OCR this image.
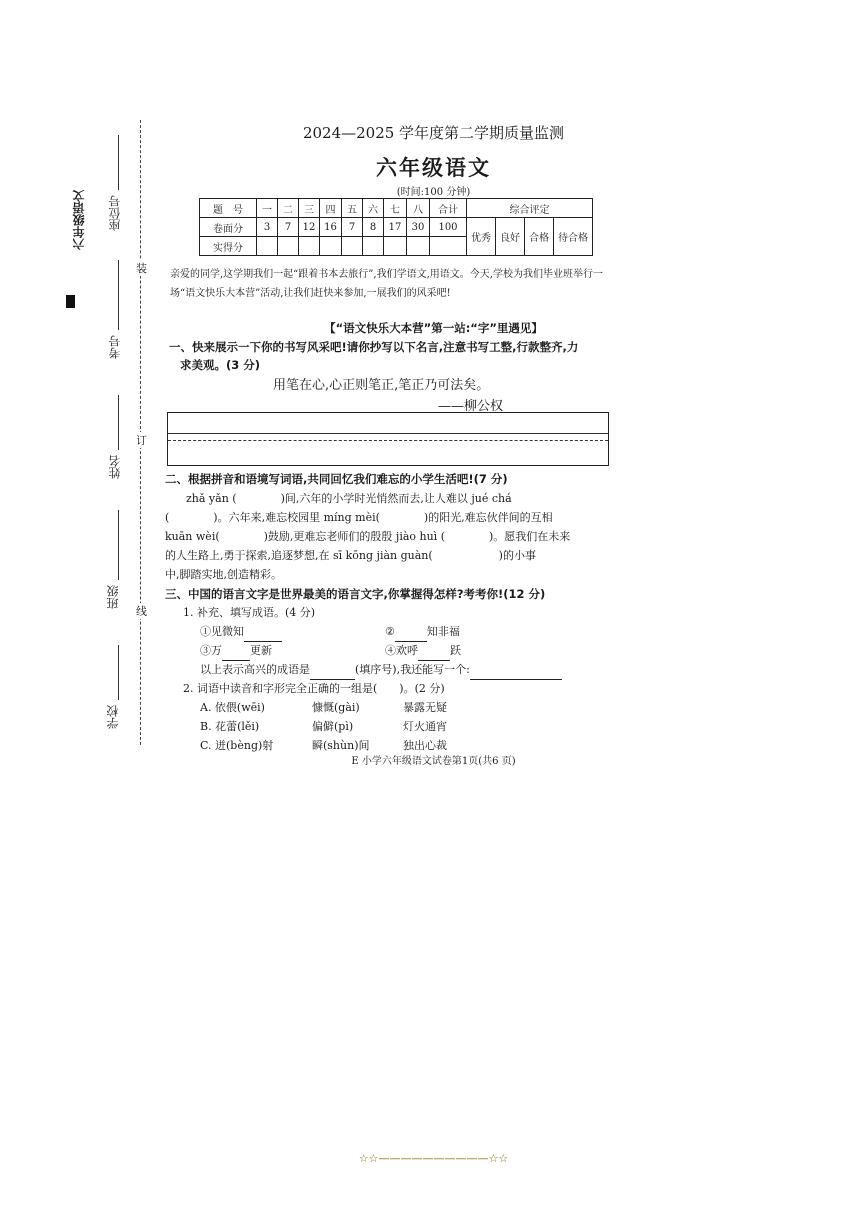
六年级语文 座位号
考号
姓名
班级
学校
装
订
线
2024—2025 学年度第二学期质量监测
六年级语文
(时间:100 分钟)
题　号	一	二	三	四	五	六	七	八	合计	综合评定			
卷面分	3	7	12	16	7	8	17	30	100	优秀	良好	合格	待合格
实得分													
亲爱的同学,这学期我们一起“跟着书本去旅行”,我们学语文,用语文。今天,学校为我们毕业班举行一场“语文快乐大本营”活动,让我们赶快来参加,一展我们的风采吧!
【“语文快乐大本营”第一站:“字”里遇见】
一、快来展示一下你的书写风采吧!请你抄写以下名言,注意书写工整,行款整齐,力
求美观。(3 分)
用笔在心,心正则笔正,笔正乃可法矣。
——柳公权
二、根据拼音和语境写词语,共同回忆我们难忘的小学生活吧!(7 分)
zhǎ yǎn (　　　　)间,六年的小学时光悄然而去,让人难以 jué chá
(　　　　)。六年来,难忘校园里 míng mèi(　　　　)的阳光,难忘伙伴间的互相
kuān wèi(　　　　)鼓励,更难忘老师们的殷殷 jiào huì (　　　　)。愿我们在未来
的人生路上,勇于探索,追逐梦想,在 sī kōng jiàn guàn(　　　　　　)的小事
中,脚踏实地,创造精彩。
三、中国的语言文字是世界最美的语言文字,你掌握得怎样?考考你!(12 分)
1. 补充、填写成语。(4 分)
①见微知	②	知非福
③万	更新	④欢呼	跃
以上表示高兴的成语是	(填序号),我还能写一个:
2. 词语中读音和字形完全正确的一组是(　　)。(2 分)
A. 依偎(wēi)	慷慨(gài)	暴露无疑
B. 花蕾(lěi)	偏僻(pì)	灯火通宵
C. 迸(bèng)射	瞬(shùn)间	独出心裁
E 小学六年级语文试卷第1页(共6 页)
☆☆——————————☆☆
